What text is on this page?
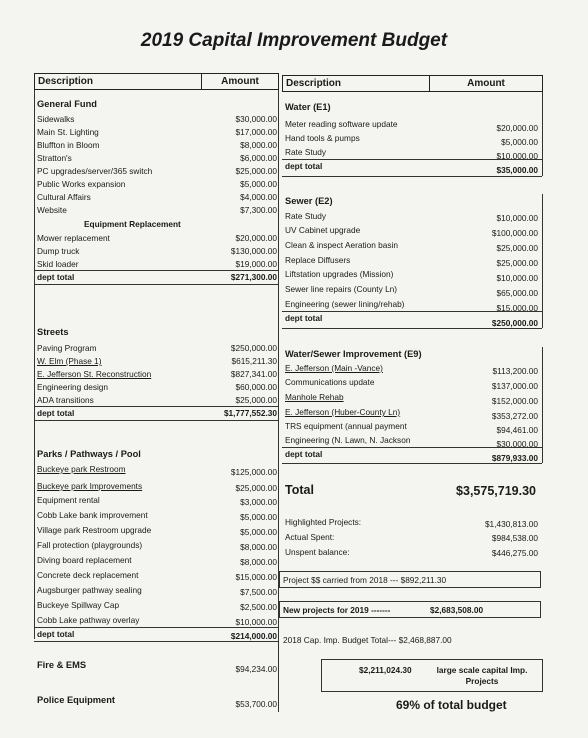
2019 Capital Improvement Budget
Description	Amount	Description	Amount
General Fund
Sidewalks	$30,000.00
Main St. Lighting	$17,000.00
Bluffton in Bloom	$8,000.00
Stratton's	$6,000.00
PC upgrades/server/365 switch	$25,000.00
Public Works expansion	$5,000.00
Cultural Affairs	$4,000.00
Website	$7,300.00
Equipment Replacement
Mower replacement	$20,000.00
Dump truck	$130,000.00
Skid loader	$19,000.00
dept total	$271,300.00
Streets
Paving Program	$250,000.00
W. Elm (Phase 1)	$615,211.30
E. Jefferson St. Reconstruction	$827,341.00
Engineering design	$60,000.00
ADA transitions	$25,000.00
dept total	$1,777,552.30
Parks / Pathways / Pool
Buckeye park Restroom	$125,000.00
Buckeye park Improvements	$25,000.00
Equipment rental	$3,000.00
Cobb Lake bank improvement	$5,000.00
Village park Restroom upgrade	$5,000.00
Fall protection (playgrounds)	$8,000.00
Diving board replacement	$8,000.00
Concrete deck replacement	$15,000.00
Augsburger pathway sealing	$7,500.00
Buckeye Spillway Cap	$2,500.00
Cobb Lake pathway overlay	$10,000.00
dept total	$214,000.00
Fire & EMS	$94,234.00
Police Equipment	$53,700.00
Water (E1)
Meter reading software update	$20,000.00
Hand tools & pumps	$5,000.00
Rate Study	$10,000.00
dept total	$35,000.00
Sewer (E2)
Rate Study	$10,000.00
UV Cabinet upgrade	$100,000.00
Clean & inspect Aeration basin	$25,000.00
Replace Diffusers	$25,000.00
Liftstation upgrades (Mission)	$10,000.00
Sewer line repairs (County Ln)	$65,000.00
Engineering (sewer lining/rehab)	$15,000.00
dept total	$250,000.00
Water/Sewer Improvement (E9)
E. Jefferson (Main -Vance)	$113,200.00
Communications update	$137,000.00
Manhole Rehab	$152,000.00
E. Jefferson (Huber-County Ln)	$353,272.00
TRS equipment (annual payment	$94,461.00
Engineering (N. Lawn, N. Jackson	$30,000.00
dept total	$879,933.00
Total	$3,575,719.30
Highlighted Projects:	$1,430,813.00
Actual Spent:	$984,538.00
Unspent balance:	$446,275.00
Project $$ carried from 2018 --- $892,211.30
New projects for 2019 -------	$2,683,508.00
2018 Cap. Imp. Budget Total--- $2,468,887.00
$2,211,024.30	large scale capital Imp. Projects
69% of total budget
